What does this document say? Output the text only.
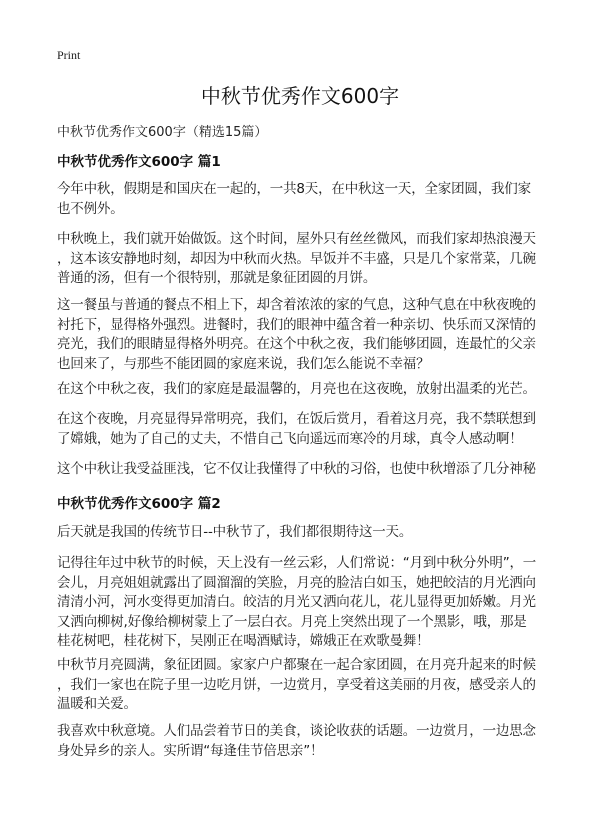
Print
中秋节优秀作文600字

中秋节优秀作文600字（精选15篇）

中秋节优秀作文600字 篇1

今年中秋，假期是和国庆在一起的，一共8天，在中秋这一天，全家团圆，我们家
也不例外。

中秋晚上，我们就开始做饭。这个时间，屋外只有丝丝微风，而我们家却热浪漫天
，这本该安静地时刻，却因为中秋而火热。早饭并不丰盛，只是几个家常菜，几碗
普通的汤，但有一个很特别，那就是象征团圆的月饼。

这一餐虽与普通的餐点不相上下，却含着浓浓的家的气息，这种气息在中秋夜晚的
衬托下，显得格外强烈。进餐时，我们的眼神中蕴含着一种亲切、快乐而又深情的
亮光，我们的眼睛显得格外明亮。在这个中秋之夜，我们能够团圆，连最忙的父亲
也回来了，与那些不能团圆的家庭来说，我们怎么能说不幸福？

在这个中秋之夜，我们的家庭是最温馨的，月亮也在这夜晚，放射出温柔的光芒。

在这个夜晚，月亮显得异常明亮，我们，在饭后赏月，看着这月亮，我不禁联想到
了嫦娥，她为了自己的丈夫，不惜自己飞向遥远而寒冷的月球，真令人感动啊！

这个中秋让我受益匪浅，它不仅让我懂得了中秋的习俗，也使中秋增添了几分神秘

中秋节优秀作文600字 篇2

后天就是我国的传统节日--中秋节了，我们都很期待这一天。

记得往年过中秋节的时候，天上没有一丝云彩，人们常说：“月到中秋分外明”，一
会儿，月亮姐姐就露出了圆溜溜的笑脸，月亮的脸洁白如玉，她把皎洁的月光洒向
清清小河，河水变得更加清白。皎洁的月光又洒向花儿，花儿显得更加娇嫩。月光
又洒向柳树,好像给柳树蒙上了一层白衣。月亮上突然出现了一个黑影，哦，那是
桂花树吧，桂花树下，吴刚正在喝酒赋诗，嫦娥正在欢歌曼舞！

中秋节月亮圆满，象征团圆。家家户户都聚在一起合家团圆，在月亮升起来的时候
，我们一家也在院子里一边吃月饼，一边赏月，享受着这美丽的月夜，感受亲人的
温暖和关爱。

我喜欢中秋意境。人们品尝着节日的美食，谈论收获的话题。一边赏月，一边思念
身处异乡的亲人。实所谓“每逢佳节倍思亲”！
